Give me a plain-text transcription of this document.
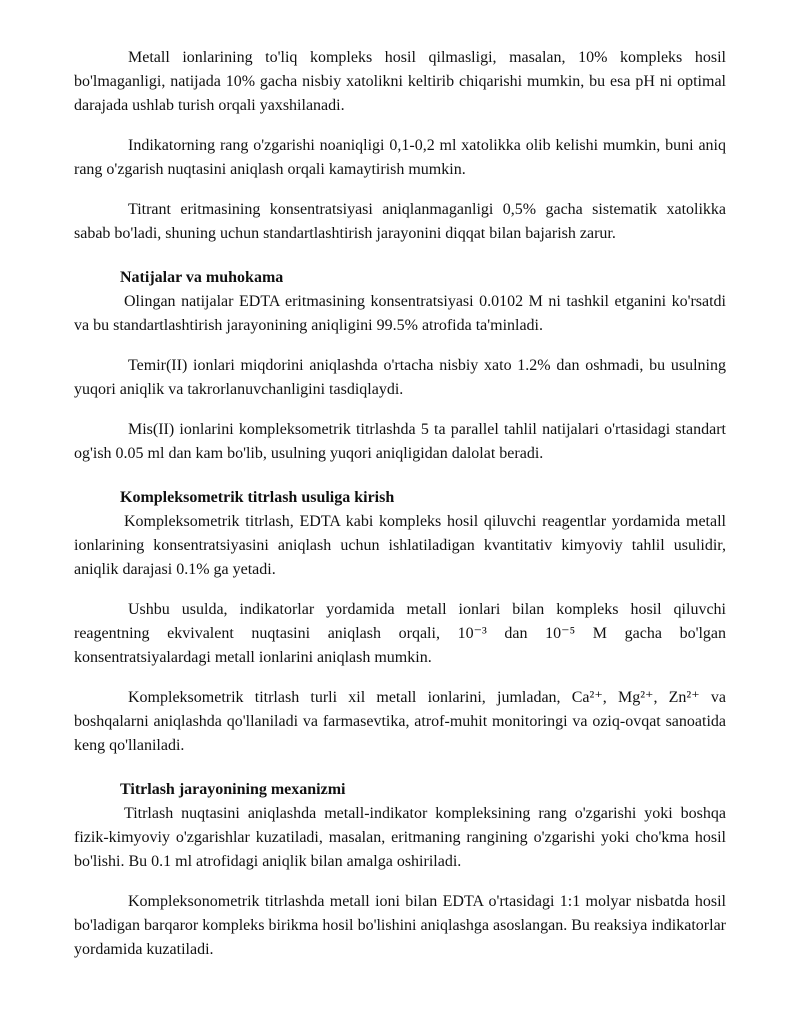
Metall ionlarining to'liq kompleks hosil qilmasligi, masalan, 10% kompleks hosil bo'lmaganligi, natijada 10% gacha nisbiy xatolikni keltirib chiqarishi mumkin, bu esa pH ni optimal darajada ushlab turish orqali yaxshilanadi.

Indikatorning rang o'zgarishi noaniqligi 0,1-0,2 ml xatolikka olib kelishi mumkin, buni aniq rang o'zgarish nuqtasini aniqlash orqali kamaytirish mumkin.

Titrant eritmasining konsentratsiyasi aniqlanmaganligi 0,5% gacha sistematik xatolikka sabab bo'ladi, shuning uchun standartlashtirish jarayonini diqqat bilan bajarish zarur.

Natijalar va muhokama

Olingan natijalar EDTA eritmasining konsentratsiyasi 0.0102 M ni tashkil etganini ko'rsatdi va bu standartlashtirish jarayonining aniqligini 99.5% atrofida ta'minladi.

Temir(II) ionlari miqdorini aniqlashda o'rtacha nisbiy xato 1.2% dan oshmadi, bu usulning yuqori aniqlik va takrorlanuvchanligini tasdiqlaydi.

Mis(II) ionlarini kompleksometrik titrlashda 5 ta parallel tahlil natijalari o'rtasidagi standart og'ish 0.05 ml dan kam bo'lib, usulning yuqori aniqligidan dalolat beradi.

Kompleksometrik titrlash usuliga kirish

Kompleksometrik titrlash, EDTA kabi kompleks hosil qiluvchi reagentlar yordamida metall ionlarining konsentratsiyasini aniqlash uchun ishlatiladigan kvantitativ kimyoviy tahlil usulidir, aniqlik darajasi 0.1% ga yetadi.

Ushbu usulda, indikatorlar yordamida metall ionlari bilan kompleks hosil qiluvchi reagentning ekvivalent nuqtasini aniqlash orqali, 10⁻³ dan 10⁻⁵ M gacha bo'lgan konsentratsiyalardagi metall ionlarini aniqlash mumkin.

Kompleksometrik titrlash turli xil metall ionlarini, jumladan, Ca²⁺, Mg²⁺, Zn²⁺ va boshqalarni aniqlashda qo'llaniladi va farmasevtika, atrof-muhit monitoringi va oziq-ovqat sanoatida keng qo'llaniladi.

Titrlash jarayonining mexanizmi

Titrlash nuqtasini aniqlashda metall-indikator kompleksining rang o'zgarishi yoki boshqa fizik-kimyoviy o'zgarishlar kuzatiladi, masalan, eritmaning rangining o'zgarishi yoki cho'kma hosil bo'lishi. Bu 0.1 ml atrofidagi aniqlik bilan amalga oshiriladi.

Kompleksonometrik titrlashda metall ioni bilan EDTA o'rtasidagi 1:1 molyar nisbatda hosil bo'ladigan barqaror kompleks birikma hosil bo'lishini aniqlashga asoslangan. Bu reaksiya indikatorlar yordamida kuzatiladi.
